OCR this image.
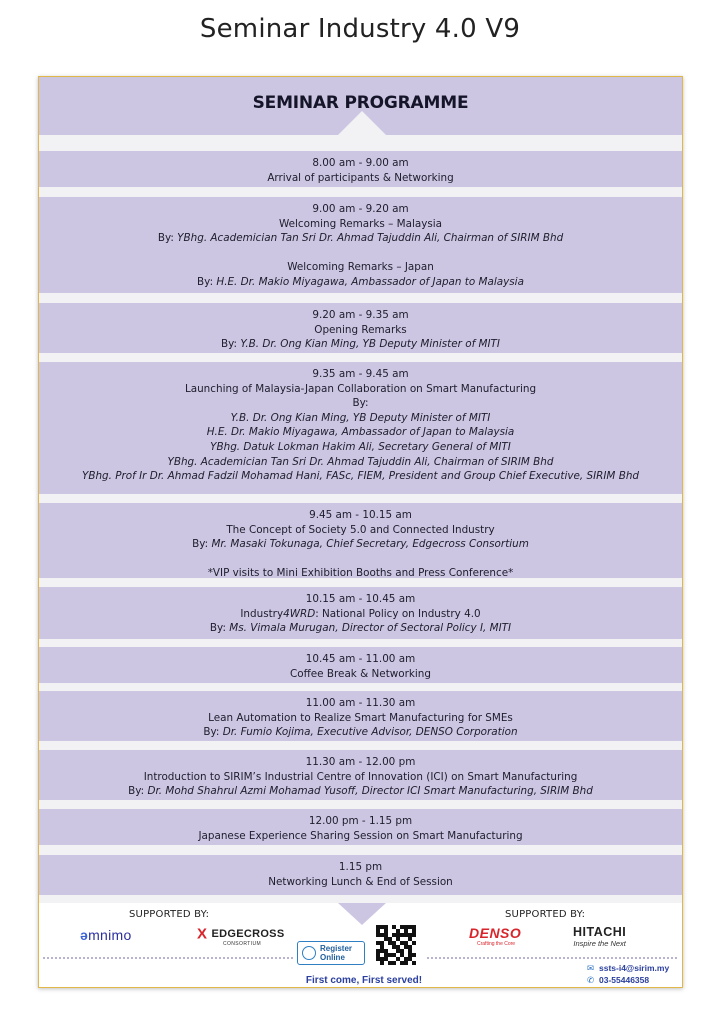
Seminar Industry 4.0 V9
SEMINAR PROGRAMME
8.00 am - 9.00 am
Arrival of participants & Networking
9.00 am - 9.20 am
Welcoming Remarks – Malaysia
By: YBhg. Academician Tan Sri Dr. Ahmad Tajuddin Ali, Chairman of SIRIM Bhd
Welcoming Remarks – Japan
By: H.E. Dr. Makio Miyagawa, Ambassador of Japan to Malaysia
9.20 am - 9.35 am
Opening Remarks
By: Y.B. Dr. Ong Kian Ming, YB Deputy Minister of MITI
9.35 am - 9.45 am
Launching of Malaysia-Japan Collaboration on Smart Manufacturing
By:
Y.B. Dr. Ong Kian Ming, YB Deputy Minister of MITI
H.E. Dr. Makio Miyagawa, Ambassador of Japan to Malaysia
YBhg. Datuk Lokman Hakim Ali, Secretary General of MITI
YBhg. Academician Tan Sri Dr. Ahmad Tajuddin Ali, Chairman of SIRIM Bhd
YBhg. Prof Ir Dr. Ahmad Fadzil Mohamad Hani, FASc, FIEM, President and Group Chief Executive, SIRIM Bhd
9.45 am - 10.15 am
The Concept of Society 5.0 and Connected Industry
By: Mr. Masaki Tokunaga, Chief Secretary, Edgecross Consortium
*VIP visits to Mini Exhibition Booths and Press Conference*
10.15 am - 10.45 am
Industry4WRD: National Policy on Industry 4.0
By: Ms. Vimala Murugan, Director of Sectoral Policy I, MITI
10.45 am - 11.00 am
Coffee Break & Networking
11.00 am - 11.30 am
Lean Automation to Realize Smart Manufacturing for SMEs
By: Dr. Fumio Kojima, Executive Advisor, DENSO Corporation
11.30 am - 12.00 pm
Introduction to SIRIM’s Industrial Centre of Innovation (ICI) on Smart Manufacturing
By: Dr. Mohd Shahrul Azmi Mohamad Yusoff, Director ICI Smart Manufacturing, SIRIM Bhd
12.00 pm - 1.15 pm
Japanese Experience Sharing Session on Smart Manufacturing
1.15 pm
Networking Lunch & End of Session
SUPPORTED BY:	SUPPORTED BY:
əmnimo	X EDGECROSS
CONSORTIUM	Register
Online
First come, First served!
DENSO
Crafting the Core
HITACHI
Inspire the Next
✉ ssts-i4@sirim.my
✆ 03-55446358
